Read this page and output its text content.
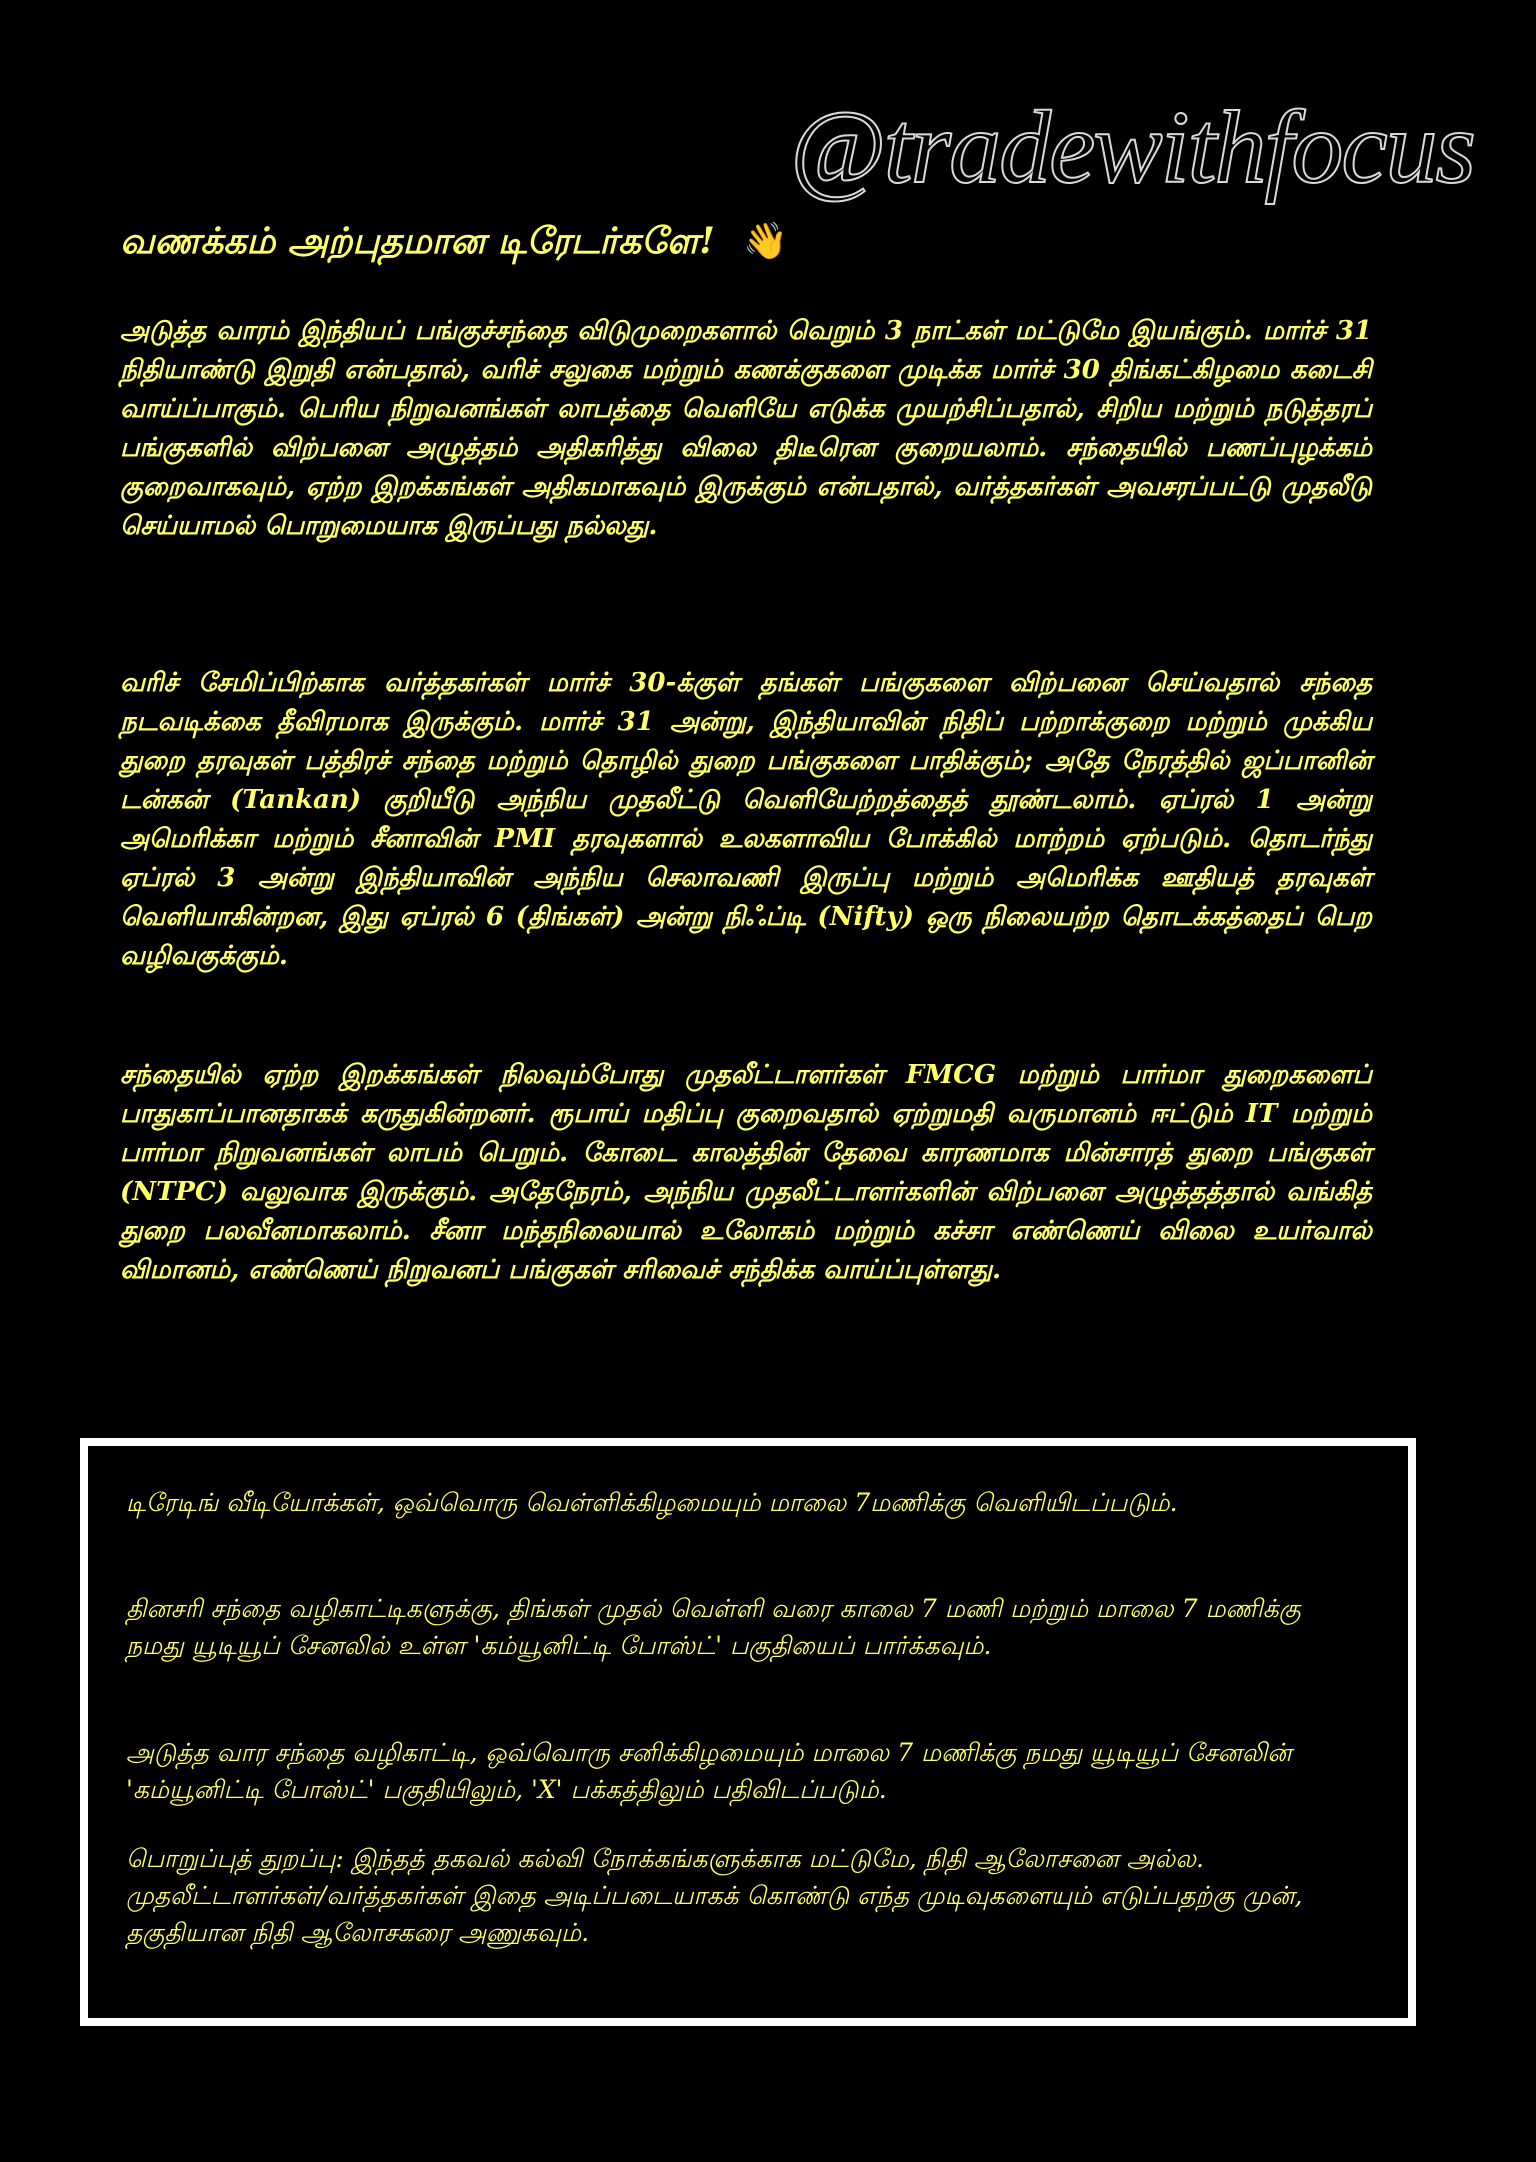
@tradewithfocus
வணக்கம் அற்புதமான டிரேடர்களே! 👋

அடுத்த வாரம் இந்தியப் பங்குச்சந்தை விடுமுறைகளால் வெறும் 3 நாட்கள் மட்டுமே இயங்கும். மார்ச் 31 நிதியாண்டு இறுதி என்பதால், வரிச் சலுகை மற்றும் கணக்குகளை முடிக்க மார்ச் 30 திங்கட்கிழமை கடைசி வாய்ப்பாகும். பெரிய நிறுவனங்கள் லாபத்தை வெளியே எடுக்க முயற்சிப்பதால், சிறிய மற்றும் நடுத்தரப் பங்குகளில் விற்பனை அழுத்தம் அதிகரித்து விலை திடீரென குறையலாம். சந்தையில் பணப்புழக்கம் குறைவாகவும், ஏற்ற இறக்கங்கள் அதிகமாகவும் இருக்கும் என்பதால், வர்த்தகர்கள் அவசரப்பட்டு முதலீடு செய்யாமல் பொறுமையாக இருப்பது நல்லது.

வரிச் சேமிப்பிற்காக வர்த்தகர்கள் மார்ச் 30-க்குள் தங்கள் பங்குகளை விற்பனை செய்வதால் சந்தை நடவடிக்கை தீவிரமாக இருக்கும். மார்ச் 31 அன்று, இந்தியாவின் நிதிப் பற்றாக்குறை மற்றும் முக்கிய துறை தரவுகள் பத்திரச் சந்தை மற்றும் தொழில் துறை பங்குகளை பாதிக்கும்; அதே நேரத்தில் ஜப்பானின் டன்கன் (Tankan) குறியீடு அந்நிய முதலீட்டு வெளியேற்றத்தைத் தூண்டலாம். ஏப்ரல் 1 அன்று அமெரிக்கா மற்றும் சீனாவின் PMI தரவுகளால் உலகளாவிய போக்கில் மாற்றம் ஏற்படும். தொடர்ந்து ஏப்ரல் 3 அன்று இந்தியாவின் அந்நிய செலாவணி இருப்பு மற்றும் அமெரிக்க ஊதியத் தரவுகள் வெளியாகின்றன, இது ஏப்ரல் 6 (திங்கள்) அன்று நிஃப்டி (Nifty) ஒரு நிலையற்ற தொடக்கத்தைப் பெற வழிவகுக்கும்.

சந்தையில் ஏற்ற இறக்கங்கள் நிலவும்போது முதலீட்டாளர்கள் FMCG மற்றும் பார்மா துறைகளைப் பாதுகாப்பானதாகக் கருதுகின்றனர். ரூபாய் மதிப்பு குறைவதால் ஏற்றுமதி வருமானம் ஈட்டும் IT மற்றும் பார்மா நிறுவனங்கள் லாபம் பெறும். கோடை காலத்தின் தேவை காரணமாக மின்சாரத் துறை பங்குகள் (NTPC) வலுவாக இருக்கும். அதேநேரம், அந்நிய முதலீட்டாளர்களின் விற்பனை அழுத்தத்தால் வங்கித் துறை பலவீனமாகலாம். சீனா மந்தநிலையால் உலோகம் மற்றும் கச்சா எண்ணெய் விலை உயர்வால் விமானம், எண்ணெய் நிறுவனப் பங்குகள் சரிவைச் சந்திக்க வாய்ப்புள்ளது.

டிரேடிங் வீடியோக்கள், ஒவ்வொரு வெள்ளிக்கிழமையும் மாலை 7மணிக்கு வெளியிடப்படும்.

தினசரி சந்தை வழிகாட்டிகளுக்கு, திங்கள் முதல் வெள்ளி வரை காலை 7 மணி மற்றும் மாலை 7 மணிக்கு நமது யூடியூப் சேனலில் உள்ள 'கம்யூனிட்டி போஸ்ட்' பகுதியைப் பார்க்கவும்.

அடுத்த வார சந்தை வழிகாட்டி, ஒவ்வொரு சனிக்கிழமையும் மாலை 7 மணிக்கு நமது யூடியூப் சேனலின் 'கம்யூனிட்டி போஸ்ட்' பகுதியிலும், 'X' பக்கத்திலும் பதிவிடப்படும்.

பொறுப்புத் துறப்பு: இந்தத் தகவல் கல்வி நோக்கங்களுக்காக மட்டுமே, நிதி ஆலோசனை அல்ல. முதலீட்டாளர்கள்/வர்த்தகர்கள் இதை அடிப்படையாகக் கொண்டு எந்த முடிவுகளையும் எடுப்பதற்கு முன், தகுதியான நிதி ஆலோசகரை அணுகவும்.
